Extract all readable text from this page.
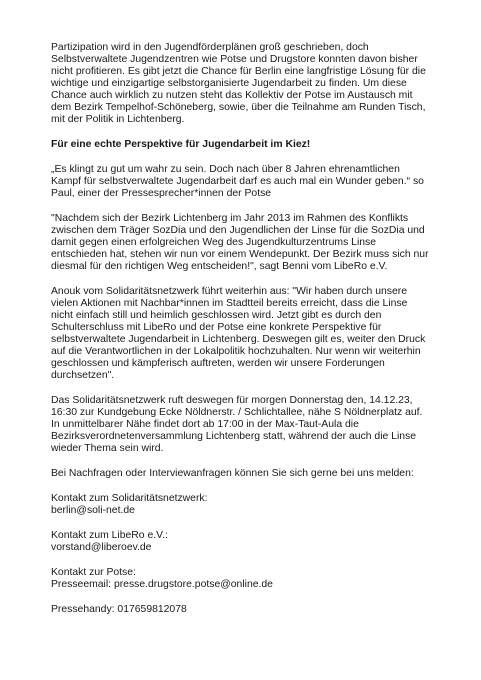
Partizipation wird in den Jugendförderplänen groß geschrieben, doch Selbstverwaltete Jugendzentren wie Potse und Drugstore konnten davon bisher nicht profitieren. Es gibt jetzt die Chance für Berlin eine langfristige Lösung für die wichtige und einzigartige selbstorganisierte Jugendarbeit zu finden. Um diese Chance auch wirklich zu nutzen steht das Kollektiv der Potse im Austausch mit dem Bezirk Tempelhof-Schöneberg, sowie, über die Teilnahme am Runden Tisch, mit der Politik in Lichtenberg.

Für eine echte Perspektive für Jugendarbeit im Kiez!

„Es klingt zu gut um wahr zu sein. Doch nach über 8 Jahren ehrenamtlichen Kampf für selbstverwaltete Jugendarbeit darf es auch mal ein Wunder geben.“ so Paul, einer der Pressesprecher*innen der Potse

"Nachdem sich der Bezirk Lichtenberg im Jahr 2013 im Rahmen des Konflikts zwischen dem Träger SozDia und den Jugendlichen der Linse für die SozDia und damit gegen einen erfolgreichen Weg des Jugendkulturzentrums Linse entschieden hat, stehen wir nun vor einem Wendepunkt. Der Bezirk muss sich nur diesmal für den richtigen Weg entscheiden!", sagt Benni vom LibeRo e.V.

Anouk vom Solidaritätsnetzwerk führt weiterhin aus: "Wir haben durch unsere vielen Aktionen mit Nachbar*innen im Stadtteil bereits erreicht, dass die Linse nicht einfach still und heimlich geschlossen wird. Jetzt gibt es durch den Schulterschluss mit LibeRo und der Potse eine konkrete Perspektive für selbstverwaltete Jugendarbeit in Lichtenberg. Deswegen gilt es, weiter den Druck auf die Verantwortlichen in der Lokalpolitik hochzuhalten. Nur wenn wir weiterhin geschlossen und kämpferisch auftreten, werden wir unsere Forderungen durchsetzen".

Das Solidaritätsnetzwerk ruft deswegen für morgen Donnerstag den, 14.12.23, 16:30 zur Kundgebung Ecke Nöldnerstr. / Schlichtallee, nähe S Nöldnerplatz auf. In unmittelbarer Nähe findet dort ab 17:00 in der Max-Taut-Aula die Bezirksverordnetenversammlung Lichtenberg statt, während der auch die Linse wieder Thema sein wird.

Bei Nachfragen oder Interviewanfragen können Sie sich gerne bei uns melden:

Kontakt zum Solidaritätsnetzwerk:
berlin@soli-net.de
Kontakt zum LibeRo e.V.:
vorstand@liberoev.de
Kontakt zur Potse:
Presseemail: presse.drugstore.potse@online.de

Pressehandy: 017659812078
